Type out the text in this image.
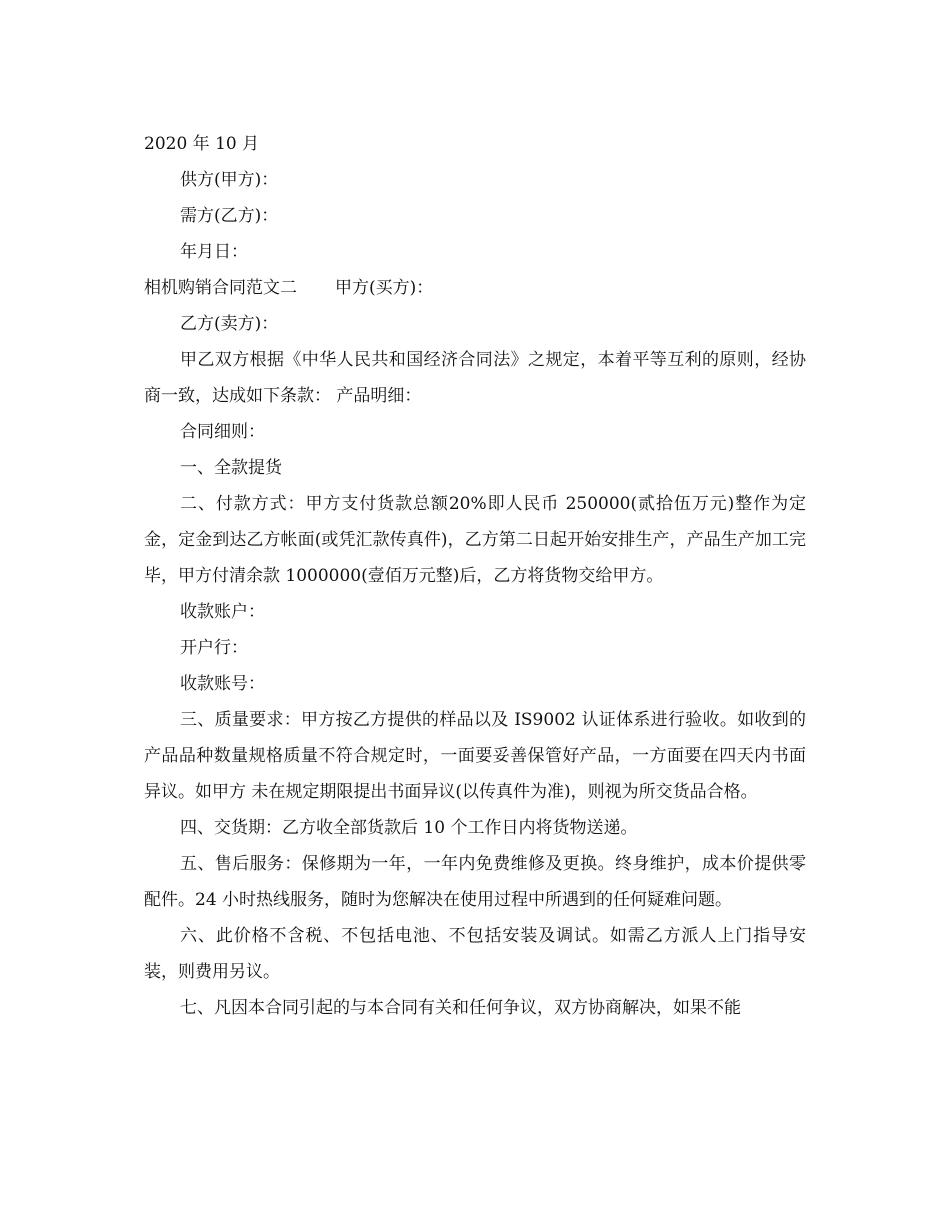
2020 年 10 月
供方(甲方)：
需方(乙方)：
年月日：
相机购销合同范文二 甲方(买方)：
乙方(卖方)：

甲乙双方根据《中华人民共和国经济合同法》之规定，本着平等互利的原则，经协商一致，达成如下条款： 产品明细：

合同细则：
一、全款提货

二、付款方式：甲方支付货款总额20%即人民币 250000(贰拾伍万元)整作为定金，定金到达乙方帐面(或凭汇款传真件)，乙方第二日起开始安排生产，产品生产加工完毕，甲方付清余款 1000000(壹佰万元整)后，乙方将货物交给甲方。

收款账户：
开户行：
收款账号：

三、质量要求：甲方按乙方提供的样品以及 IS9002 认证体系进行验收。如收到的产品品种数量规格质量不符合规定时，一面要妥善保管好产品，一方面要在四天内书面异议。如甲方 未在规定期限提出书面异议(以传真件为准)，则视为所交货品合格。

四、交货期：乙方收全部货款后 10 个工作日内将货物送递。

五、售后服务：保修期为一年，一年内免费维修及更换。终身维护，成本价提供零配件。24 小时热线服务，随时为您解决在使用过程中所遇到的任何疑难问题。

六、此价格不含税、不包括电池、不包括安装及调试。如需乙方派人上门指导安装，则费用另议。

七、凡因本合同引起的与本合同有关和任何争议，双方协商解决，如果不能
